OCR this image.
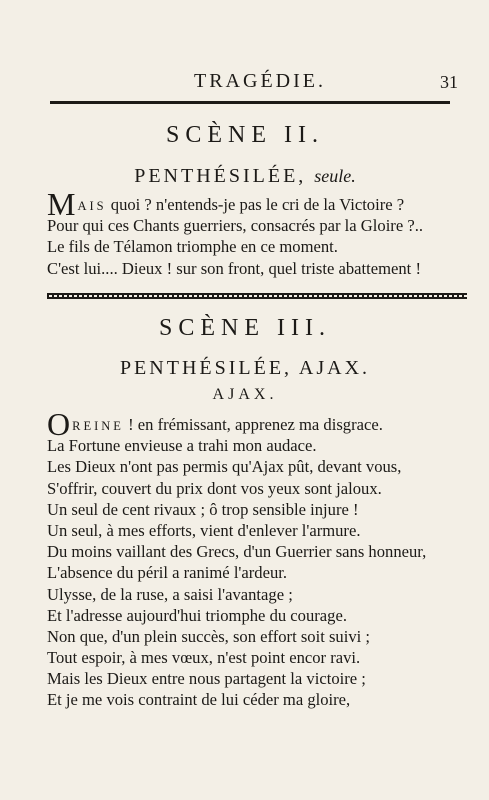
TRAGÉDIE.	31
SCÈNE II.
PENTHÉSILÉE, seule.
MAIS quoi ? n'entends-je pas le cri de la Victoire ?
Pour qui ces Chants guerriers, consacrés par la Gloire ?..
Le fils de Télamon triomphe en ce moment.
C'est lui.... Dieux ! sur son front, quel triste abattement !
SCÈNE III.
PENTHÉSILÉE, AJAX.
AJAX.
OREINE ! en frémissant, apprenez ma disgrace.
La Fortune envieuse a trahi mon audace.
Les Dieux n'ont pas permis qu'Ajax pût, devant vous,
S'offrir, couvert du prix dont vos yeux sont jaloux.
Un seul de cent rivaux ; ô trop sensible injure !
Un seul, à mes efforts, vient d'enlever l'armure.
Du moins vaillant des Grecs, d'un Guerrier sans honneur,
L'absence du péril a ranimé l'ardeur.
Ulysse, de la ruse, a saisi l'avantage ;
Et l'adresse aujourd'hui triomphe du courage.
Non que, d'un plein succès, son effort soit suivi ;
Tout espoir, à mes vœux, n'est point encor ravi.
Mais les Dieux entre nous partagent la victoire ;
Et je me vois contraint de lui céder ma gloire,
